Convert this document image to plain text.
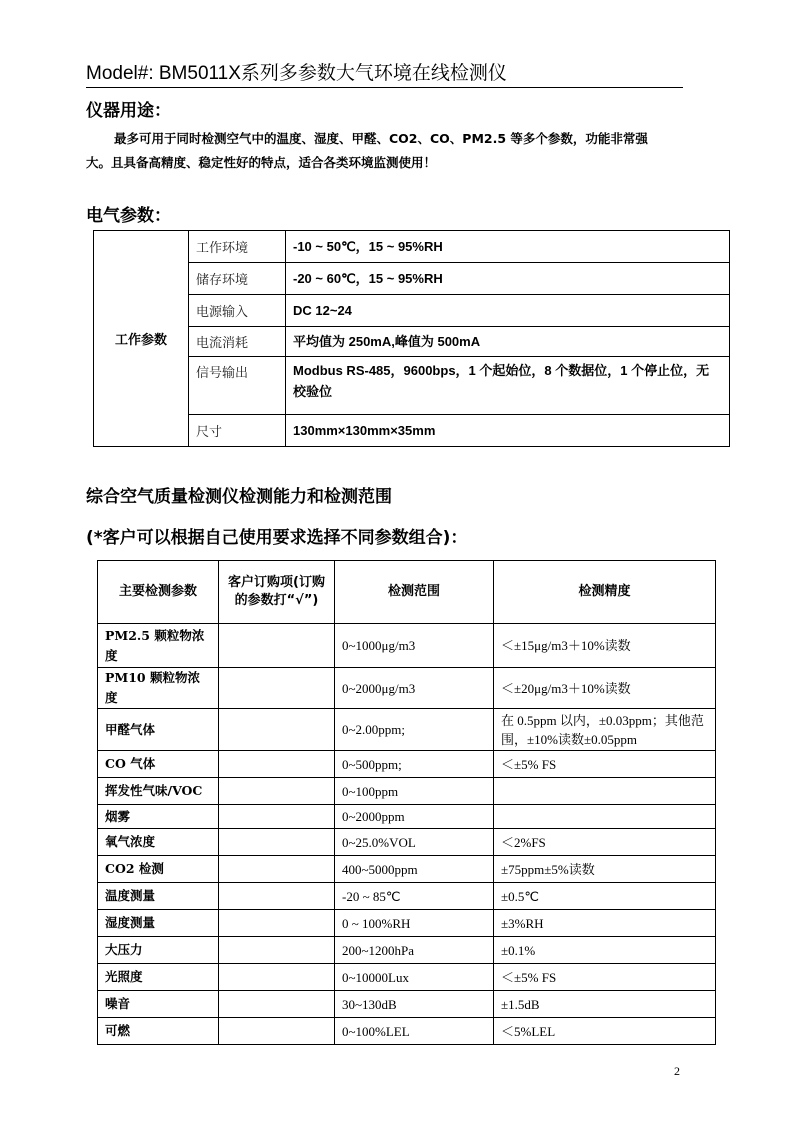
Model#: BM5011X系列多参数大气环境在线检测仪
仪器用途：
最多可用于同时检测空气中的温度、湿度、甲醛、CO2、CO、PM2.5 等多个参数，功能非常强
大。且具备高精度、稳定性好的特点，适合各类环境监测使用！
电气参数：
工作参数	工作环境	-10 ~ 50℃，15 ~ 95%RH
	储存环境	-20 ~ 60℃，15 ~ 95%RH
	电源输入	DC 12~24
	电流消耗	平均值为 250mA,峰值为 500mA
	信号输出	Modbus RS-485，9600bps，1 个起始位，8 个数据位，1 个停止位，无校验位
	尺寸	130mm×130mm×35mm
综合空气质量检测仪检测能力和检测范围
(*客户可以根据自己使用要求选择不同参数组合)：
主要检测参数	客户订购项(订购的参数打“√”)	检测范围	检测精度
PM2.5 颗粒物浓度		0~1000μg/m3	＜±15μg/m3＋10%读数
PM10 颗粒物浓度		0~2000μg/m3	＜±20μg/m3＋10%读数
甲醛气体		0~2.00ppm;	在 0.5ppm 以内，±0.03ppm；其他范围，±10%读数±0.05ppm
CO 气体		0~500ppm;	＜±5% FS
挥发性气味/VOC		0~100ppm	
烟雾		0~2000ppm	
氧气浓度		0~25.0%VOL	＜2%FS
CO2 检测		400~5000ppm	±75ppm±5%读数
温度测量		-20 ~ 85℃	±0.5℃
湿度测量		0 ~ 100%RH	±3%RH
大压力		200~1200hPa	±0.1%
光照度		0~10000Lux	＜±5% FS
噪音		30~130dB	±1.5dB
可燃		0~100%LEL	＜5%LEL
2
